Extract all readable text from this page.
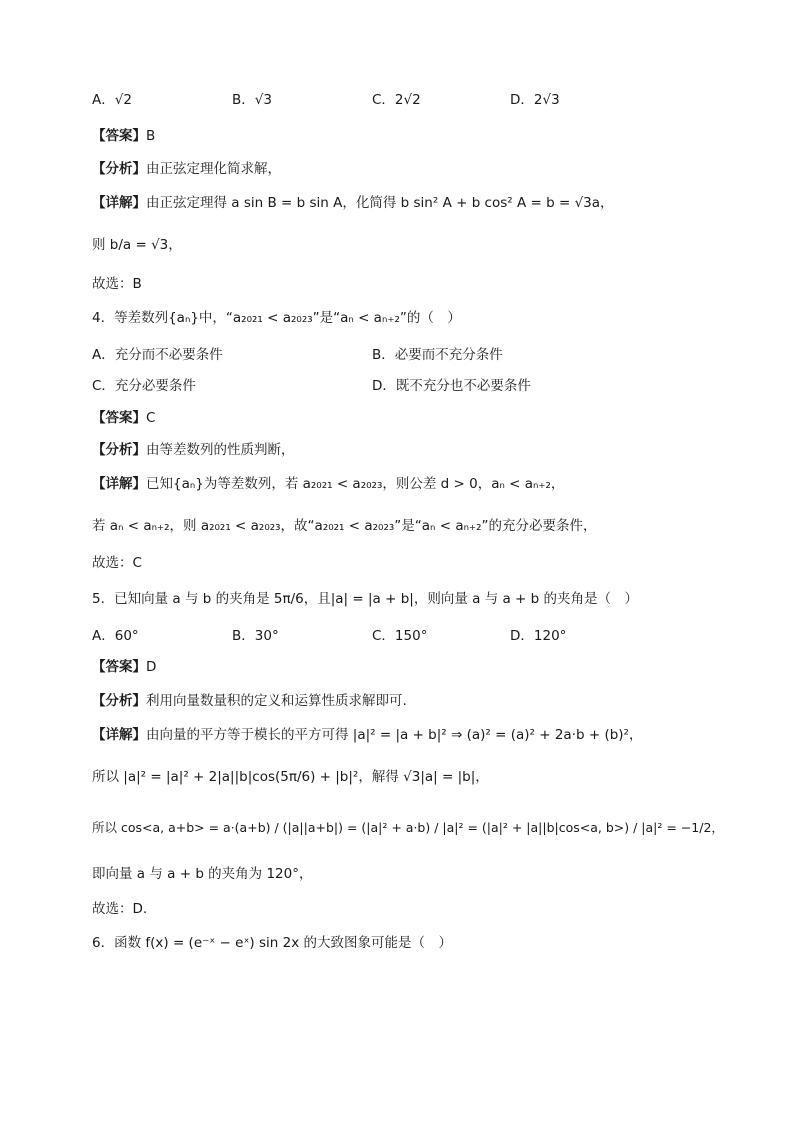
A．√2	B．√3	C．2√2	D．2√3
【答案】B
【分析】由正弦定理化简求解，
【详解】由正弦定理得 a sin B = b sin A，化简得 b sin² A + b cos² A = b = √3a，
则 b/a = √3，
故选：B
4．等差数列{aₙ}中，“a₂₀₂₁ < a₂₀₂₃”是“aₙ < aₙ₊₂”的（　）
A．充分而不必要条件	B．必要而不充分条件
C．充分必要条件	D．既不充分也不必要条件
【答案】C
【分析】由等差数列的性质判断，
【详解】已知{aₙ}为等差数列，若 a₂₀₂₁ < a₂₀₂₃，则公差 d > 0，aₙ < aₙ₊₂，
若 aₙ < aₙ₊₂，则 a₂₀₂₁ < a₂₀₂₃，故“a₂₀₂₁ < a₂₀₂₃”是“aₙ < aₙ₊₂”的充分必要条件，
故选：C
5．已知向量 a 与 b 的夹角是 5π/6，且|a| = |a + b|，则向量 a 与 a + b 的夹角是（　）
A．60°	B．30°	C．150°	D．120°
【答案】D
【分析】利用向量数量积的定义和运算性质求解即可.
【详解】由向量的平方等于模长的平方可得 |a|² = |a + b|² ⇒ (a)² = (a)² + 2a·b + (b)²，
所以 |a|² = |a|² + 2|a||b|cos(5π/6) + |b|²，解得 √3|a| = |b|，
所以 cos<a, a+b> = a·(a+b) / (|a||a+b|) = (|a|² + a·b) / |a|² = (|a|² + |a||b|cos<a, b>) / |a|² = −1/2，
即向量 a 与 a + b 的夹角为 120°，
故选：D.
6．函数 f(x) = (e⁻ˣ − eˣ) sin 2x 的大致图象可能是（　）
